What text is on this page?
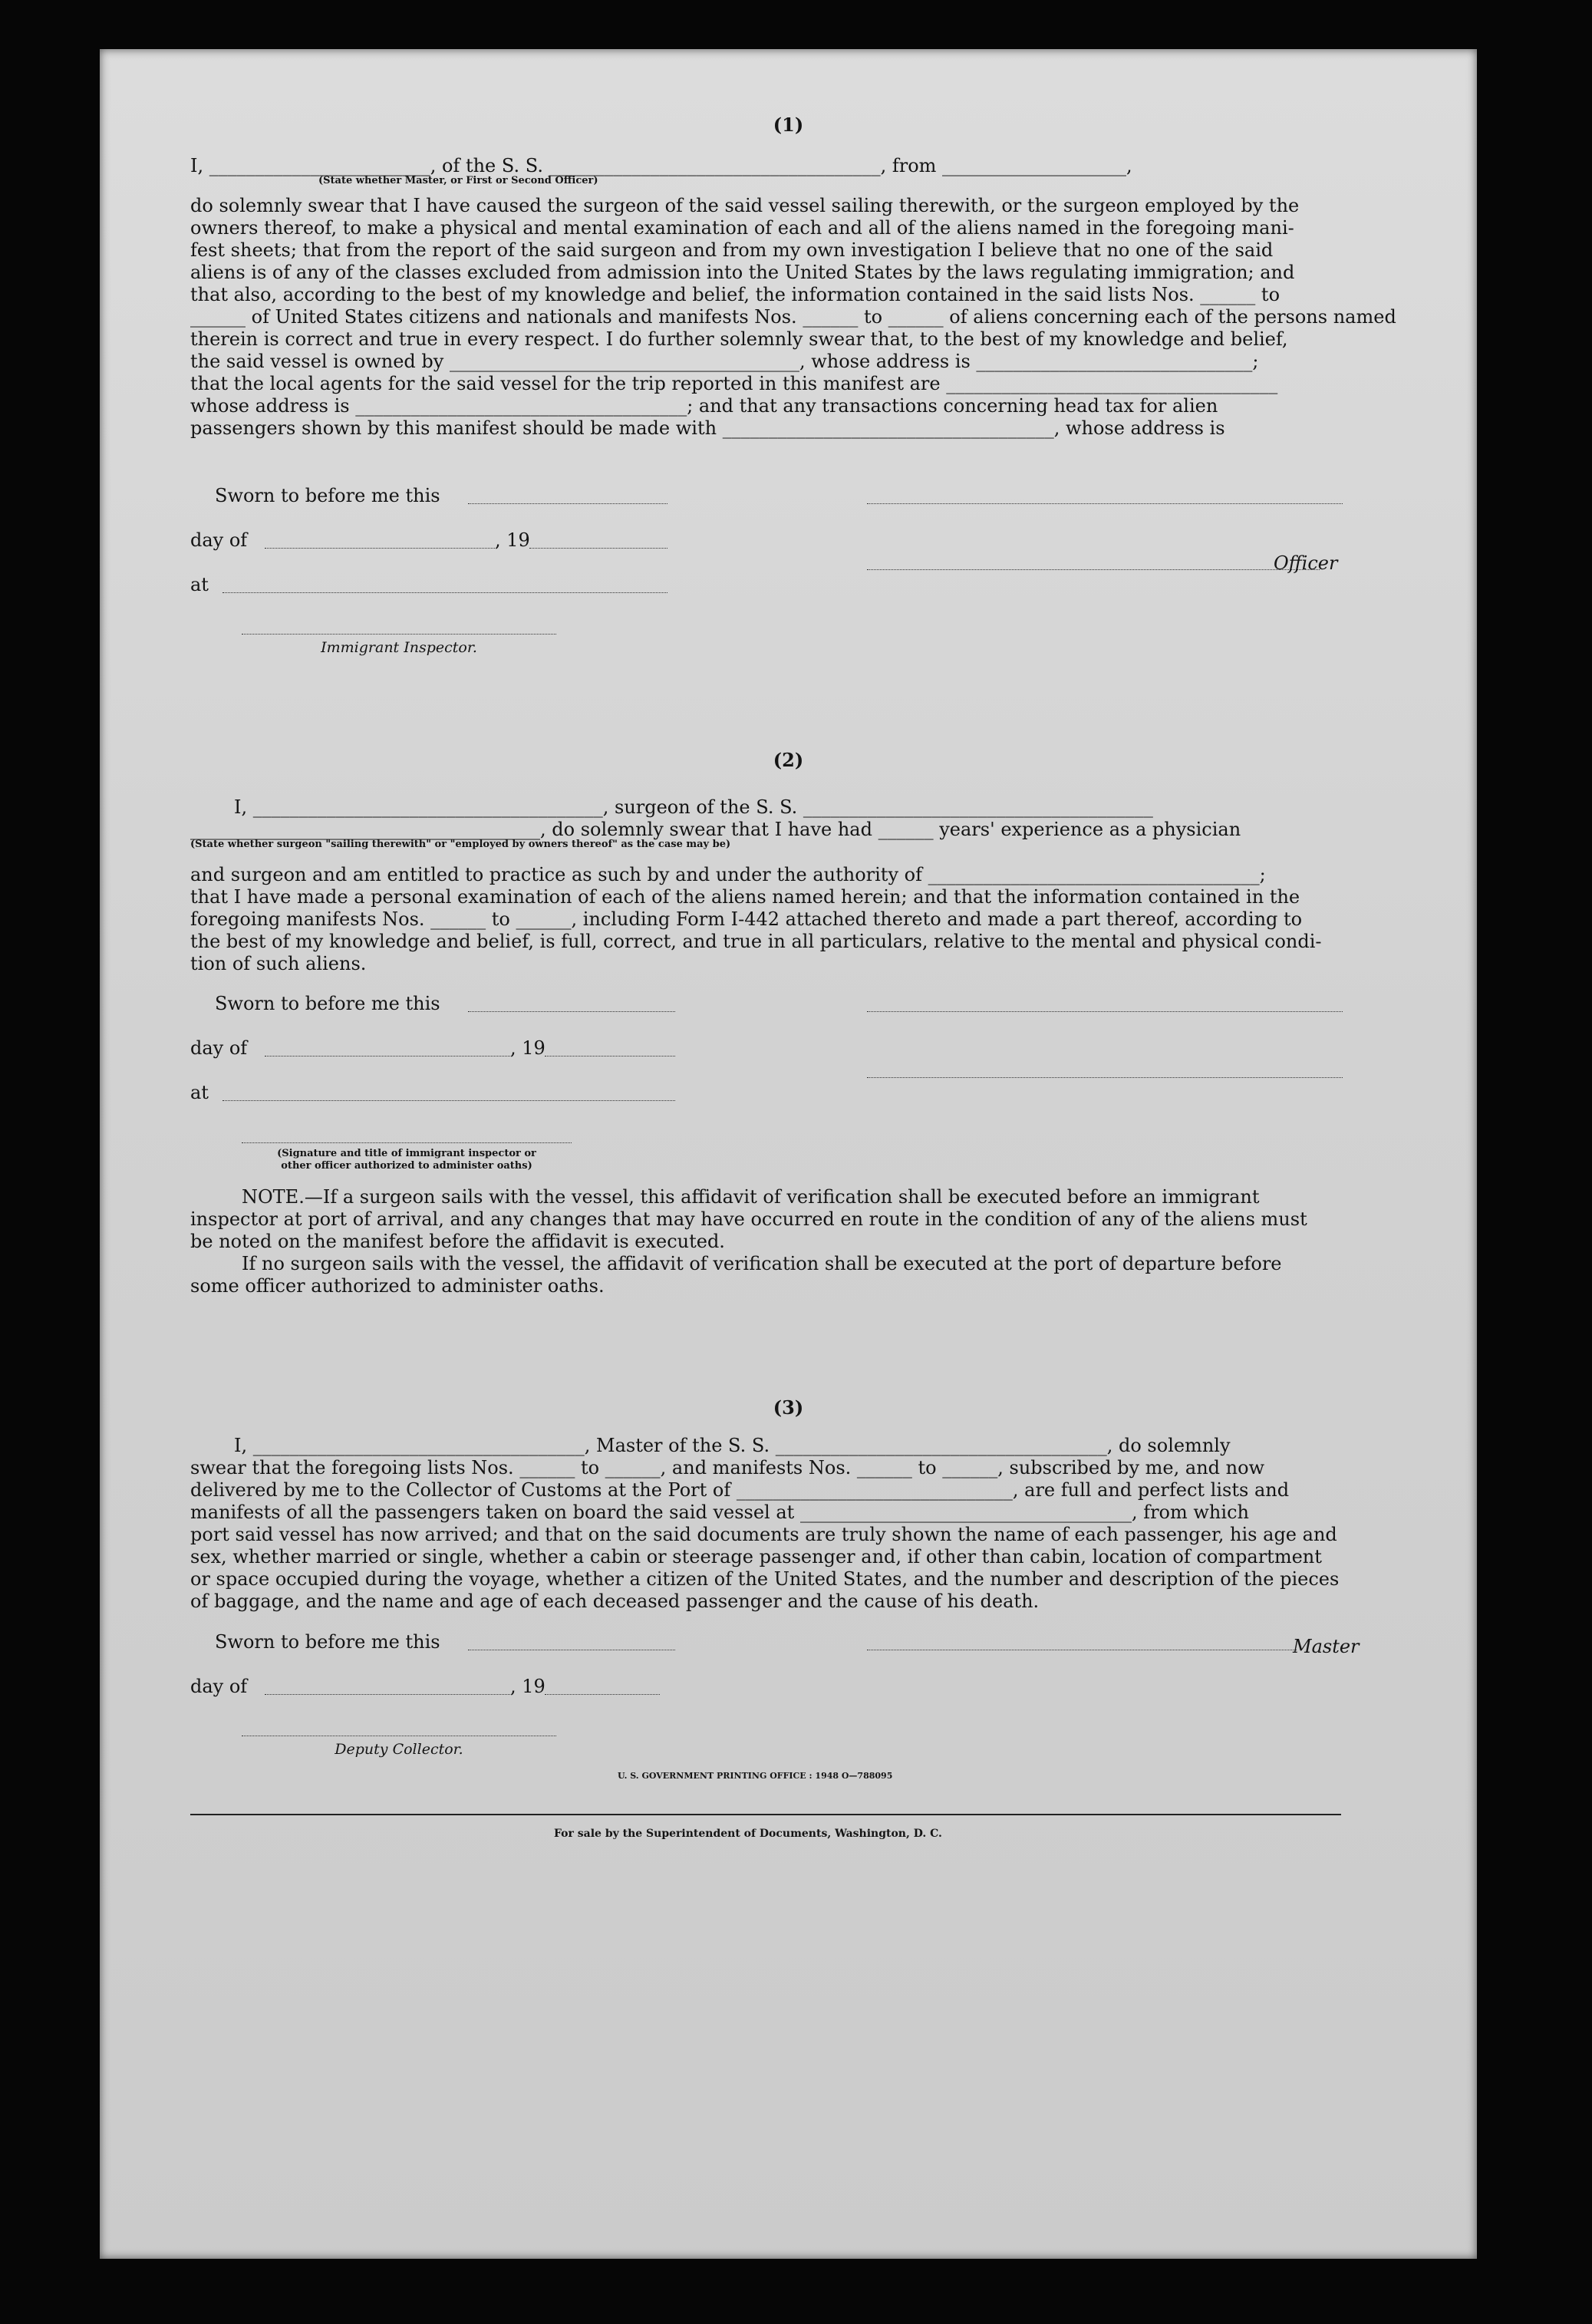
(1)
I, ________________________, of the S. S. ____________________________________, from ____________________,
(State whether Master, or First or Second Officer)
do solemnly swear that I have caused the surgeon of the said vessel sailing therewith, or the surgeon employed by the
owners thereof, to make a physical and mental examination of each and all of the aliens named in the foregoing mani-
fest sheets; that from the report of the said surgeon and from my own investigation I believe that no one of the said
aliens is of any of the classes excluded from admission into the United States by the laws regulating immigration; and
that also, according to the best of my knowledge and belief, the information contained in the said lists Nos. ______ to
______ of United States citizens and nationals and manifests Nos. ______ to ______ of aliens concerning each of the persons named
therein is correct and true in every respect. I do further solemnly swear that, to the best of my knowledge and belief,
the said vessel is owned by ______________________________________, whose address is ______________________________;
that the local agents for the said vessel for the trip reported in this manifest are ____________________________________
whose address is ____________________________________; and that any transactions concerning head tax for alien
passengers shown by this manifest should be made with ____________________________________, whose address is
Sworn to before me this
day of	, 19
Officer
at
Immigrant Inspector.
(2)
I, ______________________________________, surgeon of the S. S. ______________________________________
______________________________________, do solemnly swear that I have had ______ years' experience as a physician
(State whether surgeon "sailing therewith" or "employed by owners thereof" as the case may be)
and surgeon and am entitled to practice as such by and under the authority of ____________________________________;
that I have made a personal examination of each of the aliens named herein; and that the information contained in the
foregoing manifests Nos. ______ to ______, including Form I-442 attached thereto and made a part thereof, according to
the best of my knowledge and belief, is full, correct, and true in all particulars, relative to the mental and physical condi-
tion of such aliens.
Sworn to before me this
day of	, 19
at
(Signature and title of immigrant inspector or
other officer authorized to administer oaths)
NOTE.—If a surgeon sails with the vessel, this affidavit of verification shall be executed before an immigrant
inspector at port of arrival, and any changes that may have occurred en route in the condition of any of the aliens must
be noted on the manifest before the affidavit is executed.
If no surgeon sails with the vessel, the affidavit of verification shall be executed at the port of departure before
some officer authorized to administer oaths.
(3)
I, ____________________________________, Master of the S. S. ____________________________________, do solemnly
swear that the foregoing lists Nos. ______ to ______, and manifests Nos. ______ to ______, subscribed by me, and now
delivered by me to the Collector of Customs at the Port of ______________________________, are full and perfect lists and
manifests of all the passengers taken on board the said vessel at ____________________________________, from which
port said vessel has now arrived; and that on the said documents are truly shown the name of each passenger, his age and
sex, whether married or single, whether a cabin or steerage passenger and, if other than cabin, location of compartment
or space occupied during the voyage, whether a citizen of the United States, and the number and description of the pieces
of baggage, and the name and age of each deceased passenger and the cause of his death.
Sworn to before me this	Master
day of	, 19
Deputy Collector.
U. S. GOVERNMENT PRINTING OFFICE : 1948 O—788095
For sale by the Superintendent of Documents, Washington, D. C.
